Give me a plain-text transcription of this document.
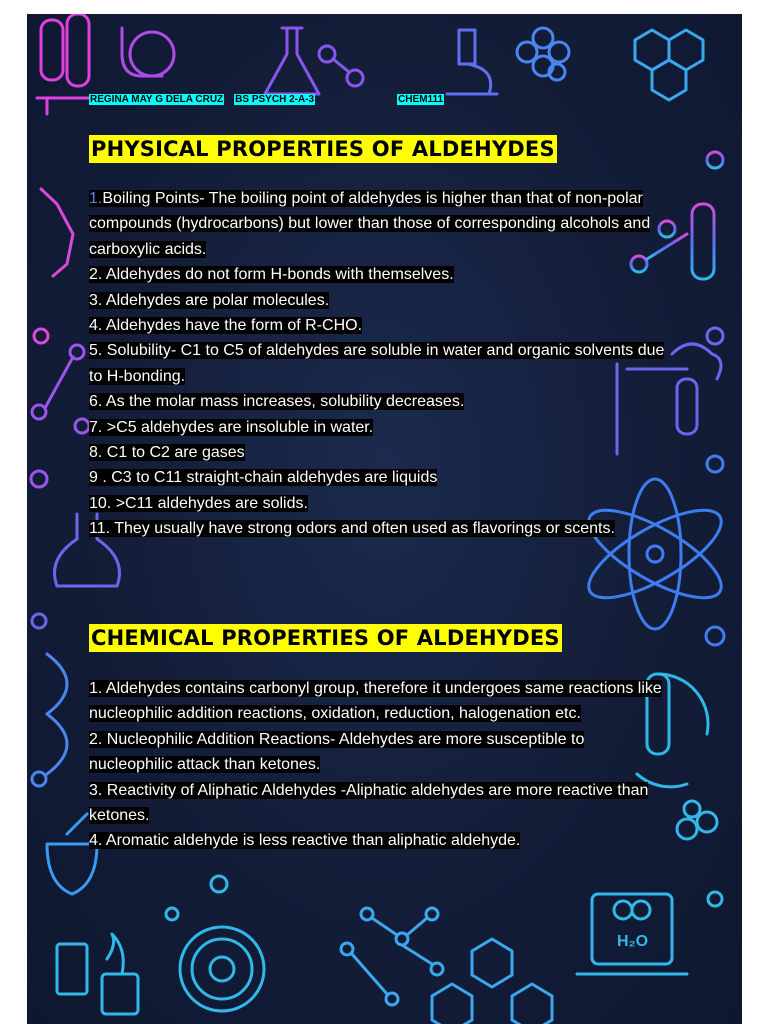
H₂O
REGINA MAY G DELA CRUZ BS PSYCH 2-A-3	CHEM111
PHYSICAL PROPERTIES OF ALDEHYDES
1.Boiling Points- The boiling point of aldehydes is higher than that of non-polar compounds (hydrocarbons) but lower than those of corresponding alcohols and carboxylic acids.
2. Aldehydes do not form H-bonds with themselves.
3. Aldehydes are polar molecules.
4. Aldehydes have the form of R-CHO.
5. Solubility- C1 to C5 of aldehydes are soluble in water and organic solvents due to H-bonding.
6. As the molar mass increases, solubility decreases.
7. >C5 aldehydes are insoluble in water.
8. C1 to C2 are gases
9 . C3 to C11 straight-chain aldehydes are liquids
10. >C11 aldehydes are solids.
11. They usually have strong odors and often used as flavorings or scents.
CHEMICAL PROPERTIES OF ALDEHYDES
1. Aldehydes contains carbonyl group, therefore it undergoes same reactions like nucleophilic addition reactions, oxidation, reduction, halogenation etc.
2. Nucleophilic Addition Reactions- Aldehydes are more susceptible to nucleophilic attack than ketones.
3. Reactivity of Aliphatic Aldehydes -Aliphatic aldehydes are more reactive than ketones.
4. Aromatic aldehyde is less reactive than aliphatic aldehyde.
